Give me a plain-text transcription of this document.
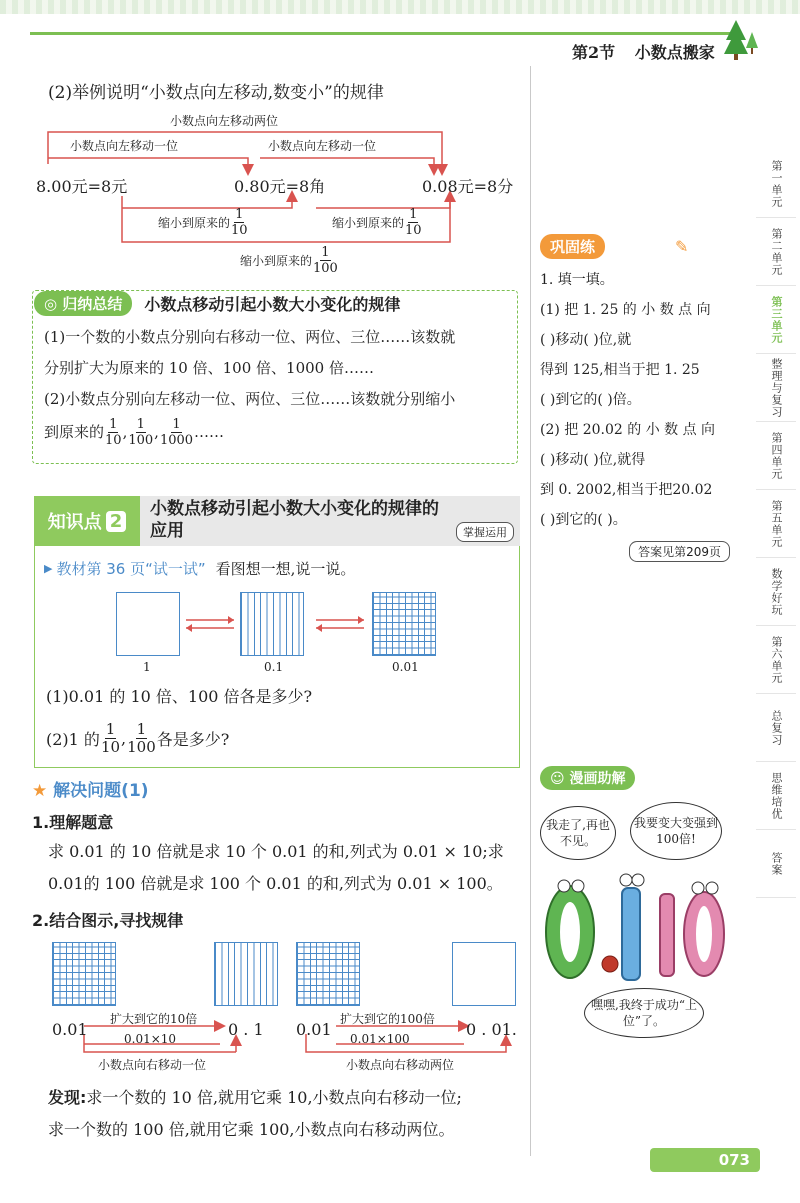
第2节 小数点搬家
(2)举例说明“小数点向左移动,数变小”的规律
小数点向左移动两位
小数点向左移动一位	小数点向左移动一位
8.00元=8元	0.80元=8角	0.08元=8分
缩小到原来的 $\frac{1}{10}$	缩小到原来的 $\frac{1}{10}$
缩小到原来的 $\frac{1}{100}$
◎ 归纳总结	小数点移动引起小数大小变化的规律
(1)一个数的小数点分别向右移动一位、两位、三位……该数就
分别扩大为原来的 10 倍、100 倍、1000 倍……
(2)小数点分别向左移动一位、两位、三位……该数就分别缩小
到原来的 $\frac{1}{10}$ , $\frac{1}{100}$ , $\frac{1}{1000}$ ……
知识点 2
小数点移动引起小数大小变化的规律的应用	掌握运用
▶ 教材第 36 页“试一试” 看图想一想,说一说。
1	0.1	0.01
(1)0.01 的 10 倍、100 倍各是多少?
(2)1 的 $\frac{1}{10}$ , $\frac{1}{100}$ 各是多少?
★ 解决问题(1)
1.理解题意
求 0.01 的 10 倍就是求 10 个 0.01 的和,列式为 0.01 × 10;求
0.01的 100 倍就是求 100 个 0.01 的和,列式为 0.01 × 100。
2.结合图示,寻找规律
0.01
扩大到它的10倍
0.01×10	0 . 1
小数点向右移动一位
0.01
扩大到它的100倍
0.01×100	0 . 01.
小数点向右移动两位
发现:求一个数的 10 倍,就用它乘 10,小数点向右移动一位;
求一个数的 100 倍,就用它乘 100,小数点向右移动两位。
巩固练	✎
1. 填一填。
(1) 把 1. 25 的 小 数 点 向
( )移动( )位,就
得到 125,相当于把 1. 25
( )到它的( )倍。
(2) 把 20.02 的 小 数 点 向
( )移动( )位,就得
到 0. 2002,相当于把20.02
( )到它的( )。
答案见第209页
☺ 漫画助解
我走了,再也不见。
我要变大变强到100倍!
嘿嘿,我终于成功“上位”了。
第一单元
第二单元
第三单元
整理与复习
第四单元
第五单元
数学好玩
第六单元
总复习
思维培优
答案
073
